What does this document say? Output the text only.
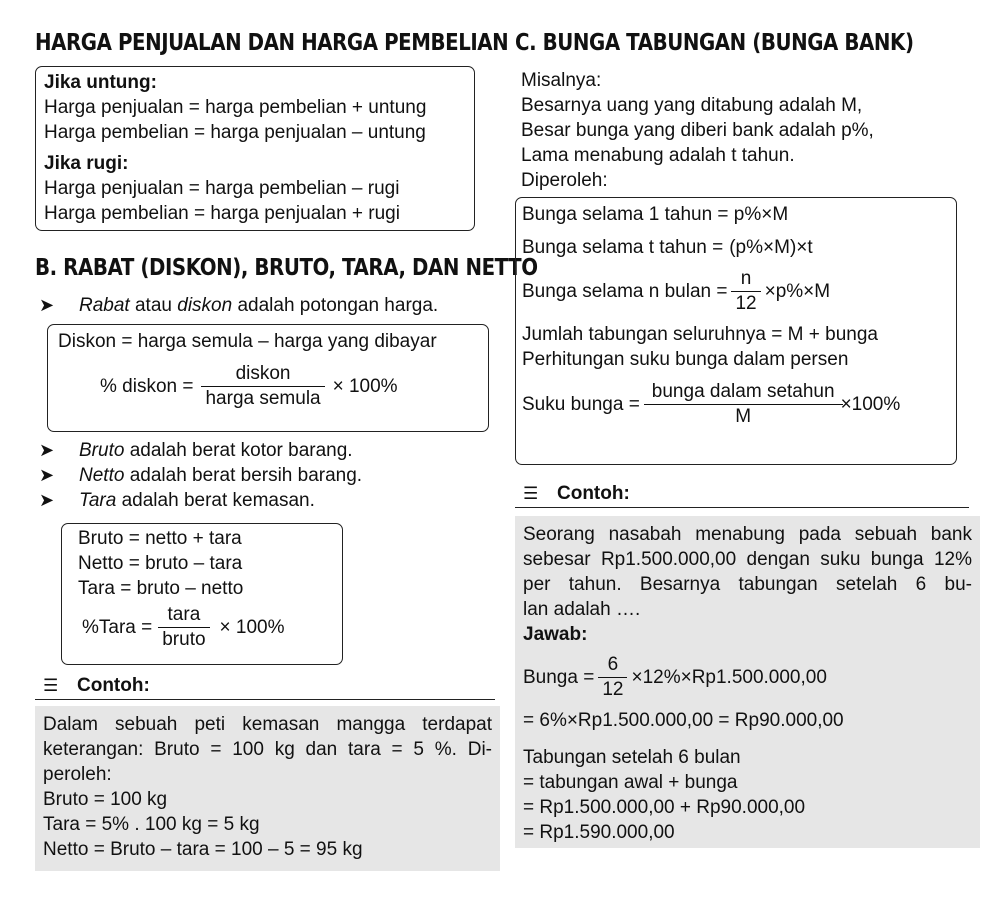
HARGA PENJUALAN DAN HARGA PEMBELIAN
Jika untung:
Harga penjualan = harga pembelian + untung
Harga pembelian = harga penjualan – untung
Jika rugi:
Harga penjualan = harga pembelian – rugi
Harga pembelian = harga penjualan + rugi
B. RABAT (DISKON), BRUTO, TARA, DAN NETTO
➤	Rabat atau diskon adalah potongan harga.
Diskon = harga semula – harga yang dibayar
% diskon = $\frac{\text{diskon}}{\text{harga semula}} \times 100\%$
➤	Bruto adalah berat kotor barang.
➤	Netto adalah berat bersih barang.
➤	Tara adalah berat kemasan.
Bruto = netto + tara
Netto = bruto – tara
Tara = bruto – netto
%Tara = $\frac{\text{tara}}{\text{bruto}} \times 100\%$
☰ Contoh:
Dalam sebuah peti kemasan mangga terdapat keterangan: Bruto = 100 kg dan tara = 5 %. Di-
peroleh:
Bruto = 100 kg
Tara = 5% . 100 kg = 5 kg
Netto = Bruto – tara = 100 – 5 = 95 kg
C. BUNGA TABUNGAN (BUNGA BANK)
Misalnya:
Besarnya uang yang ditabung adalah M,
Besar bunga yang diberi bank adalah p%,
Lama menabung adalah t tahun.
Diperoleh:
Bunga selama 1 tahun = p%×M
Bunga selama t tahun = (p%×M)×t
Bunga selama n bulan = $\frac{n}{12} \times p\%\times M$
Jumlah tabungan seluruhnya = M + bunga
Perhitungan suku bunga dalam persen
Suku bunga = $\frac{\text{bunga dalam setahun}}{M} \times 100\%$
☰ Contoh:
Seorang nasabah menabung pada sebuah bank sebesar Rp1.500.000,00 dengan suku bunga 12% per tahun. Besarnya tabungan setelah 6 bu-
lan adalah ….
Jawab:
Bunga = $\frac{6}{12} \times 12\%\times Rp1.500.000,00$
= 6%×Rp1.500.000,00 = Rp90.000,00
Tabungan setelah 6 bulan
= tabungan awal + bunga
= Rp1.500.000,00 + Rp90.000,00
= Rp1.590.000,00
